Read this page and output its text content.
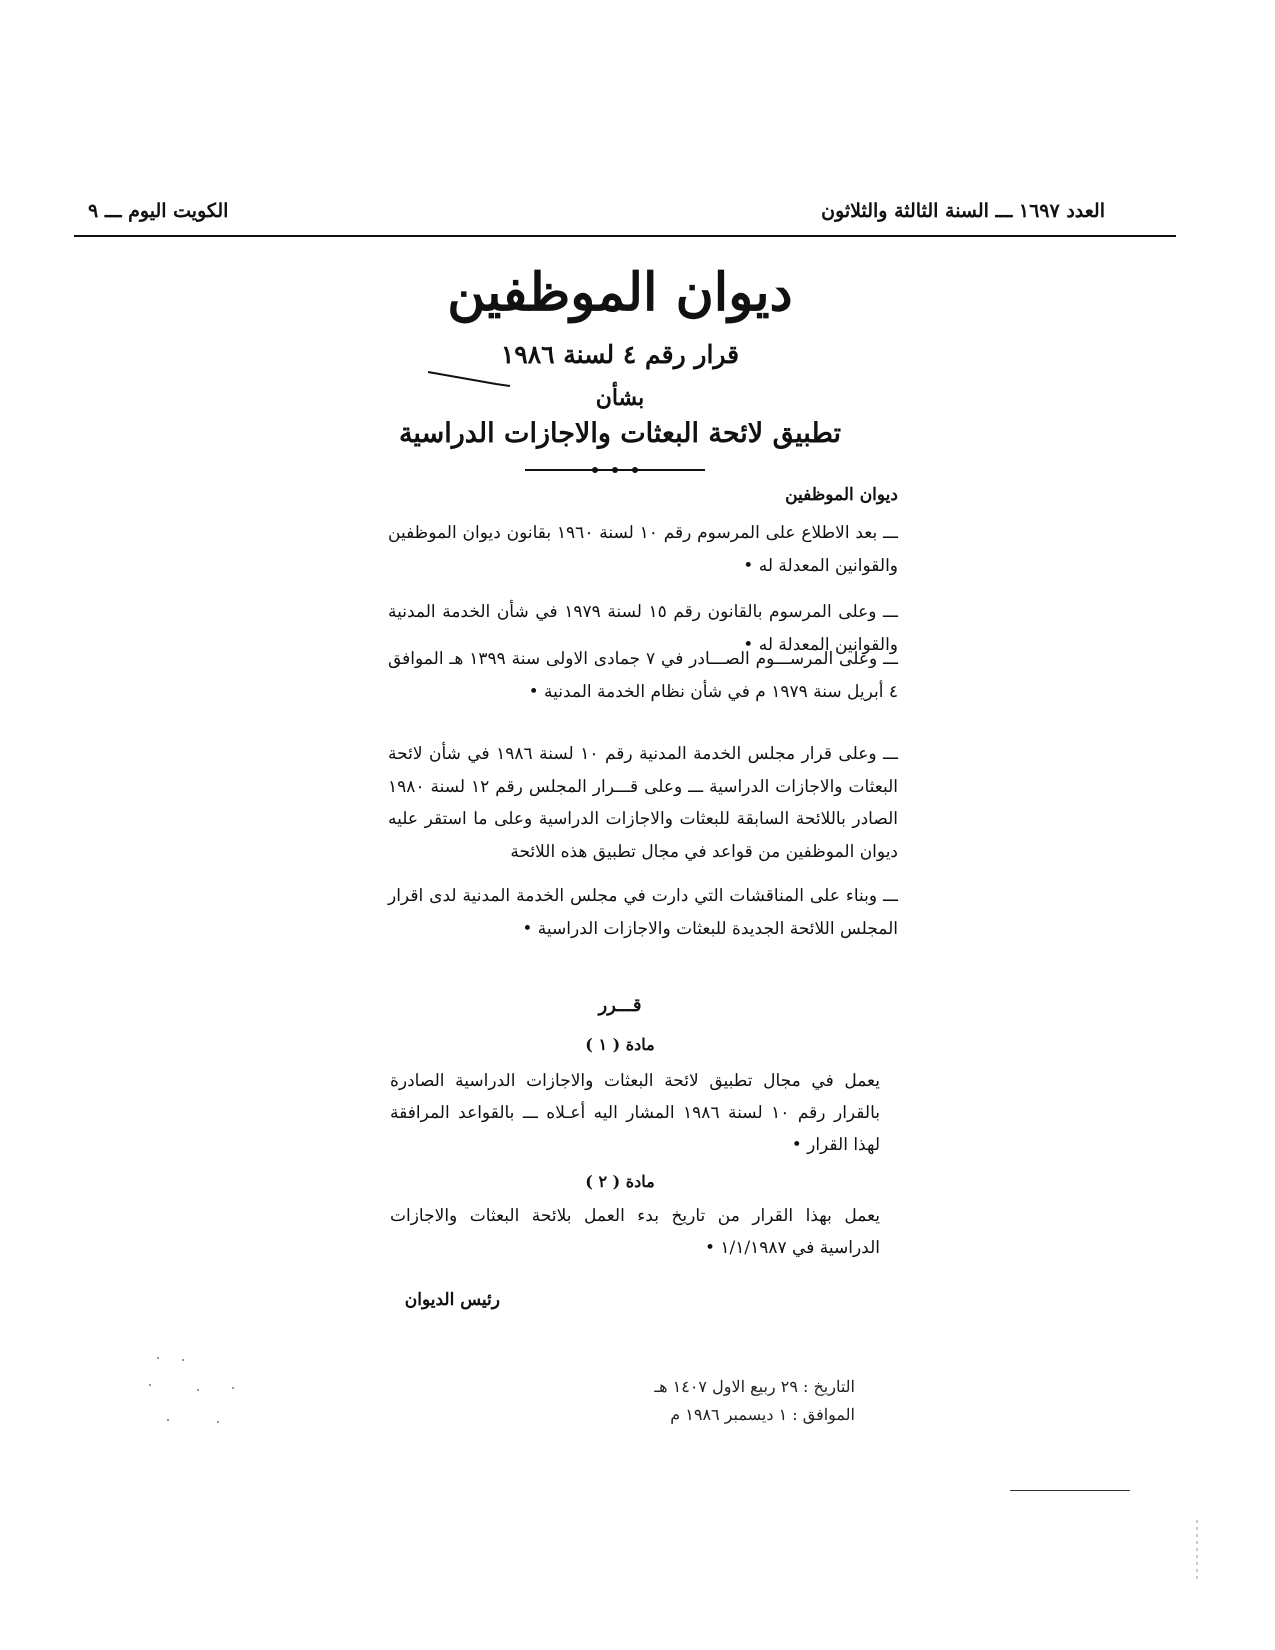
العدد ١٦٩٧ ـــ السنة الثالثة والثلاثون
الكويت اليوم ـــ ٩
ديوان الموظفين
قرار رقم ٤ لسنة ١٩٨٦
بشأن
تطبيق لائحة البعثات والاجازات الدراسية
ديوان الموظفين
ـــ بعد الاطلاع على المرسوم رقم ١٠ لسنة ١٩٦٠ بقانون ديوان الموظفين والقوانين المعدلة له •
ـــ وعلى المرسوم بالقانون رقم ١٥ لسنة ١٩٧٩ في شأن الخدمة المدنية والقوانين المعدلة له •
ـــ وعلى المرســـوم الصـــادر في ٧ جمادى الاولى سنة ١٣٩٩ هـ الموافق ٤ أبريل سنة ١٩٧٩ م في شأن نظام الخدمة المدنية •
ـــ وعلى قرار مجلس الخدمة المدنية رقم ١٠ لسنة ١٩٨٦ في شأن لائحة البعثات والاجازات الدراسية ـــ وعلى قـــرار المجلس رقم ١٢ لسنة ١٩٨٠ الصادر باللائحة السابقة للبعثات والاجازات الدراسية وعلى ما استقر عليه ديوان الموظفين من قواعد في مجال تطبيق هذه اللائحة
ـــ وبناء على المناقشات التي دارت في مجلس الخدمة المدنية لدى اقرار المجلس اللائحة الجديدة للبعثات والاجازات الدراسية •
قـــرر
مادة ( ١ )
يعمل في مجال تطبيق لائحة البعثات والاجازات الدراسية الصادرة بالقرار رقم ١٠ لسنة ١٩٨٦ المشار اليه أعـلاه ـــ بالقواعد المرافقة لهذا القرار •
مادة ( ٢ )
يعمل بهذا القرار من تاريخ بدء العمل بلائحة البعثات والاجازات الدراسية في ١/١/١٩٨٧ •
رئيس الديوان
التاريخ : ٢٩ ربيع الاول ١٤٠٧ هـ
الموافق : ١ ديسمبر ١٩٨٦ م
